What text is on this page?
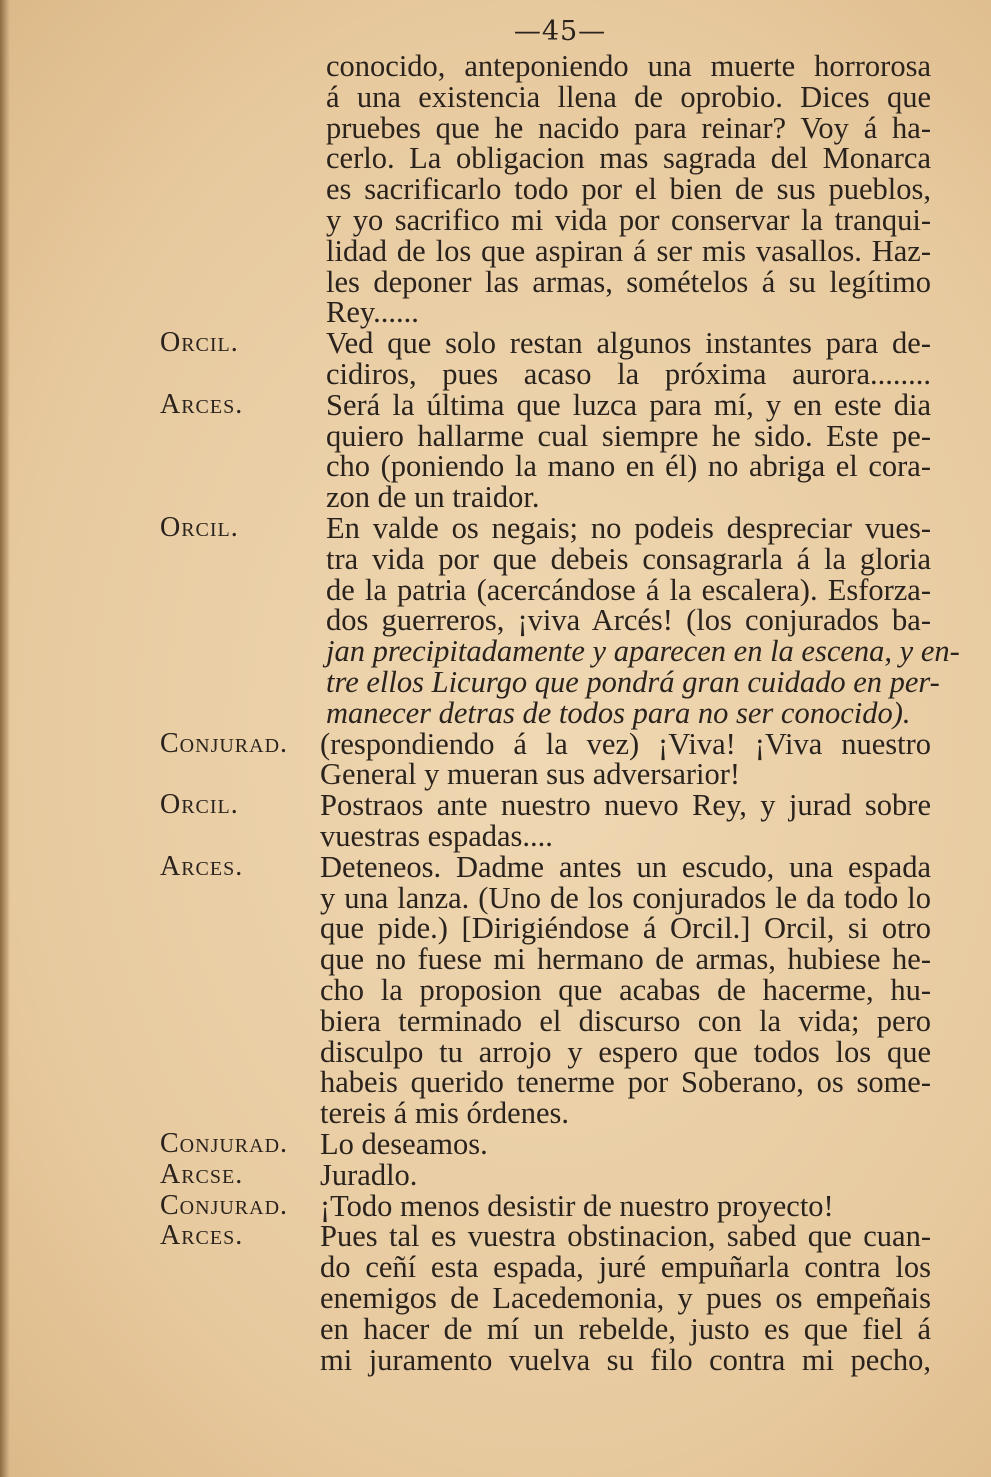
—45—
conocido, anteponiendo una muerte horrorosa
á una existencia llena de oprobio. Dices que
pruebes que he nacido para reinar? Voy á ha-
cerlo. La obligacion mas sagrada del Monarca
es sacrificarlo todo por el bien de sus pueblos,
y yo sacrifico mi vida por conservar la tranqui-
lidad de los que aspiran á ser mis vasallos. Haz-
les deponer las armas, somételos á su legítimo
Rey......
Orcil.	Ved que solo restan algunos instantes para de-
cidiros, pues acaso la próxima aurora........
Arces.	Será la última que luzca para mí, y en este dia
quiero hallarme cual siempre he sido. Este pe-
cho (poniendo la mano en él) no abriga el cora-
zon de un traidor.
Orcil.	En valde os negais; no podeis despreciar vues-
tra vida por que debeis consagrarla á la gloria
de la patria (acercándose á la escalera). Esforza-
dos guerreros, ¡viva Arcés! (los conjurados ba-
jan precipitadamente y aparecen en la escena, y en-
tre ellos Licurgo que pondrá gran cuidado en per-
manecer detras de todos para no ser conocido).
Conjurad. (respondiendo á la vez) ¡Viva! ¡Viva nuestro
General y mueran sus adversarior!
Orcil.	Postraos ante nuestro nuevo Rey, y jurad sobre
vuestras espadas....
Arces.	Deteneos. Dadme antes un escudo, una espada
y una lanza. (Uno de los conjurados le da todo lo
que pide.) [Dirigiéndose á Orcil.] Orcil, si otro
que no fuese mi hermano de armas, hubiese he-
cho la proposion que acabas de hacerme, hu-
biera terminado el discurso con la vida; pero
disculpo tu arrojo y espero que todos los que
habeis querido tenerme por Soberano, os some-
tereis á mis órdenes.
Conjurad. Lo deseamos.
Arcse.	Juradlo.
Conjurad. ¡Todo menos desistir de nuestro proyecto!
Arces.	Pues tal es vuestra obstinacion, sabed que cuan-
do ceñí esta espada, juré empuñarla contra los
enemigos de Lacedemonia, y pues os empeñais
en hacer de mí un rebelde, justo es que fiel á
mi juramento vuelva su filo contra mi pecho,
